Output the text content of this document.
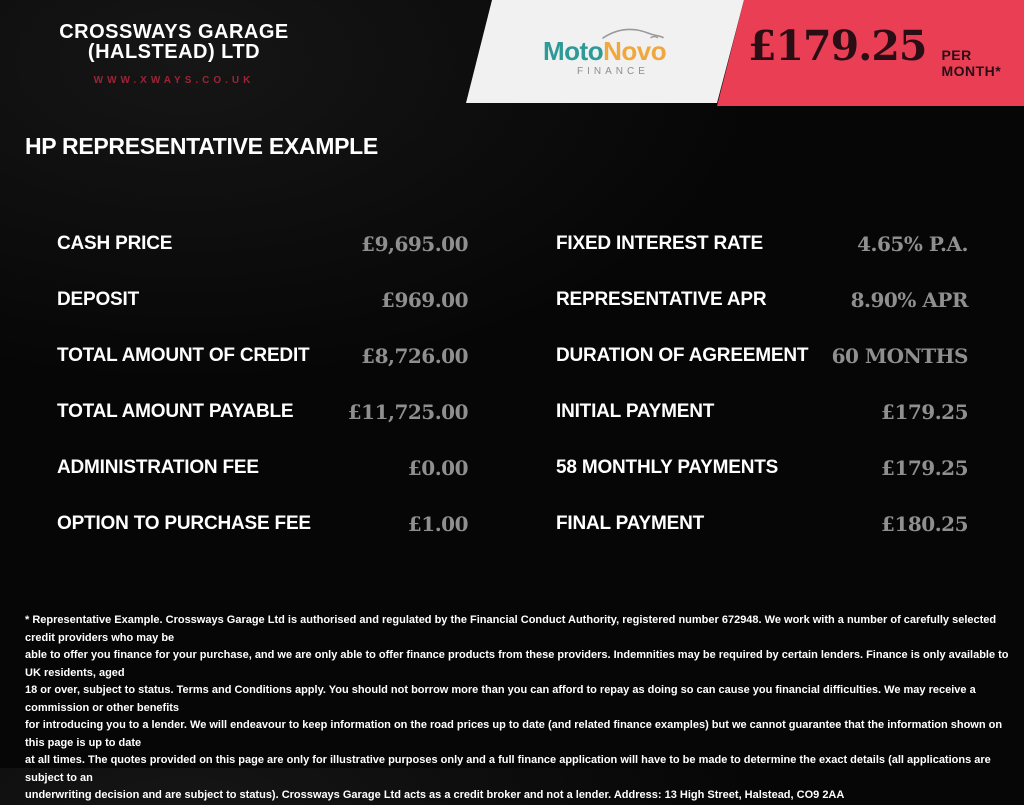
CROSSWAYS GARAGE
(HALSTEAD) LTD
WWW.XWAYS.CO.UK
MotoNovo
FINANCE
£179.25 PER MONTH*
HP REPRESENTATIVE EXAMPLE
CASH PRICE	£9,695.00
DEPOSIT	£969.00
TOTAL AMOUNT OF CREDIT	£8,726.00
TOTAL AMOUNT PAYABLE	£11,725.00
ADMINISTRATION FEE	£0.00
OPTION TO PURCHASE FEE	£1.00
FIXED INTEREST RATE	4.65% P.A.
REPRESENTATIVE APR	8.90% APR
DURATION OF AGREEMENT 60 MONTHS
INITIAL PAYMENT	£179.25
58 MONTHLY PAYMENTS	£179.25
FINAL PAYMENT	£180.25
* Representative Example. Crossways Garage Ltd is authorised and regulated by the Financial Conduct Authority, registered number 672948. We work with a number of carefully selected credit providers who may be
able to offer you finance for your purchase, and we are only able to offer finance products from these providers. Indemnities may be required by certain lenders. Finance is only available to UK residents, aged
18 or over, subject to status. Terms and Conditions apply. You should not borrow more than you can afford to repay as doing so can cause you financial difficulties. We may receive a commission or other benefits
for introducing you to a lender. We will endeavour to keep information on the road prices up to date (and related finance examples) but we cannot guarantee that the information shown on this page is up to date
at all times. The quotes provided on this page are only for illustrative purposes only and a full finance application will have to be made to determine the exact details (all applications are subject to an
underwriting decision and are subject to status). Crossways Garage Ltd acts as a credit broker and not a lender. Address: 13 High Street, Halstead, CO9 2AA
